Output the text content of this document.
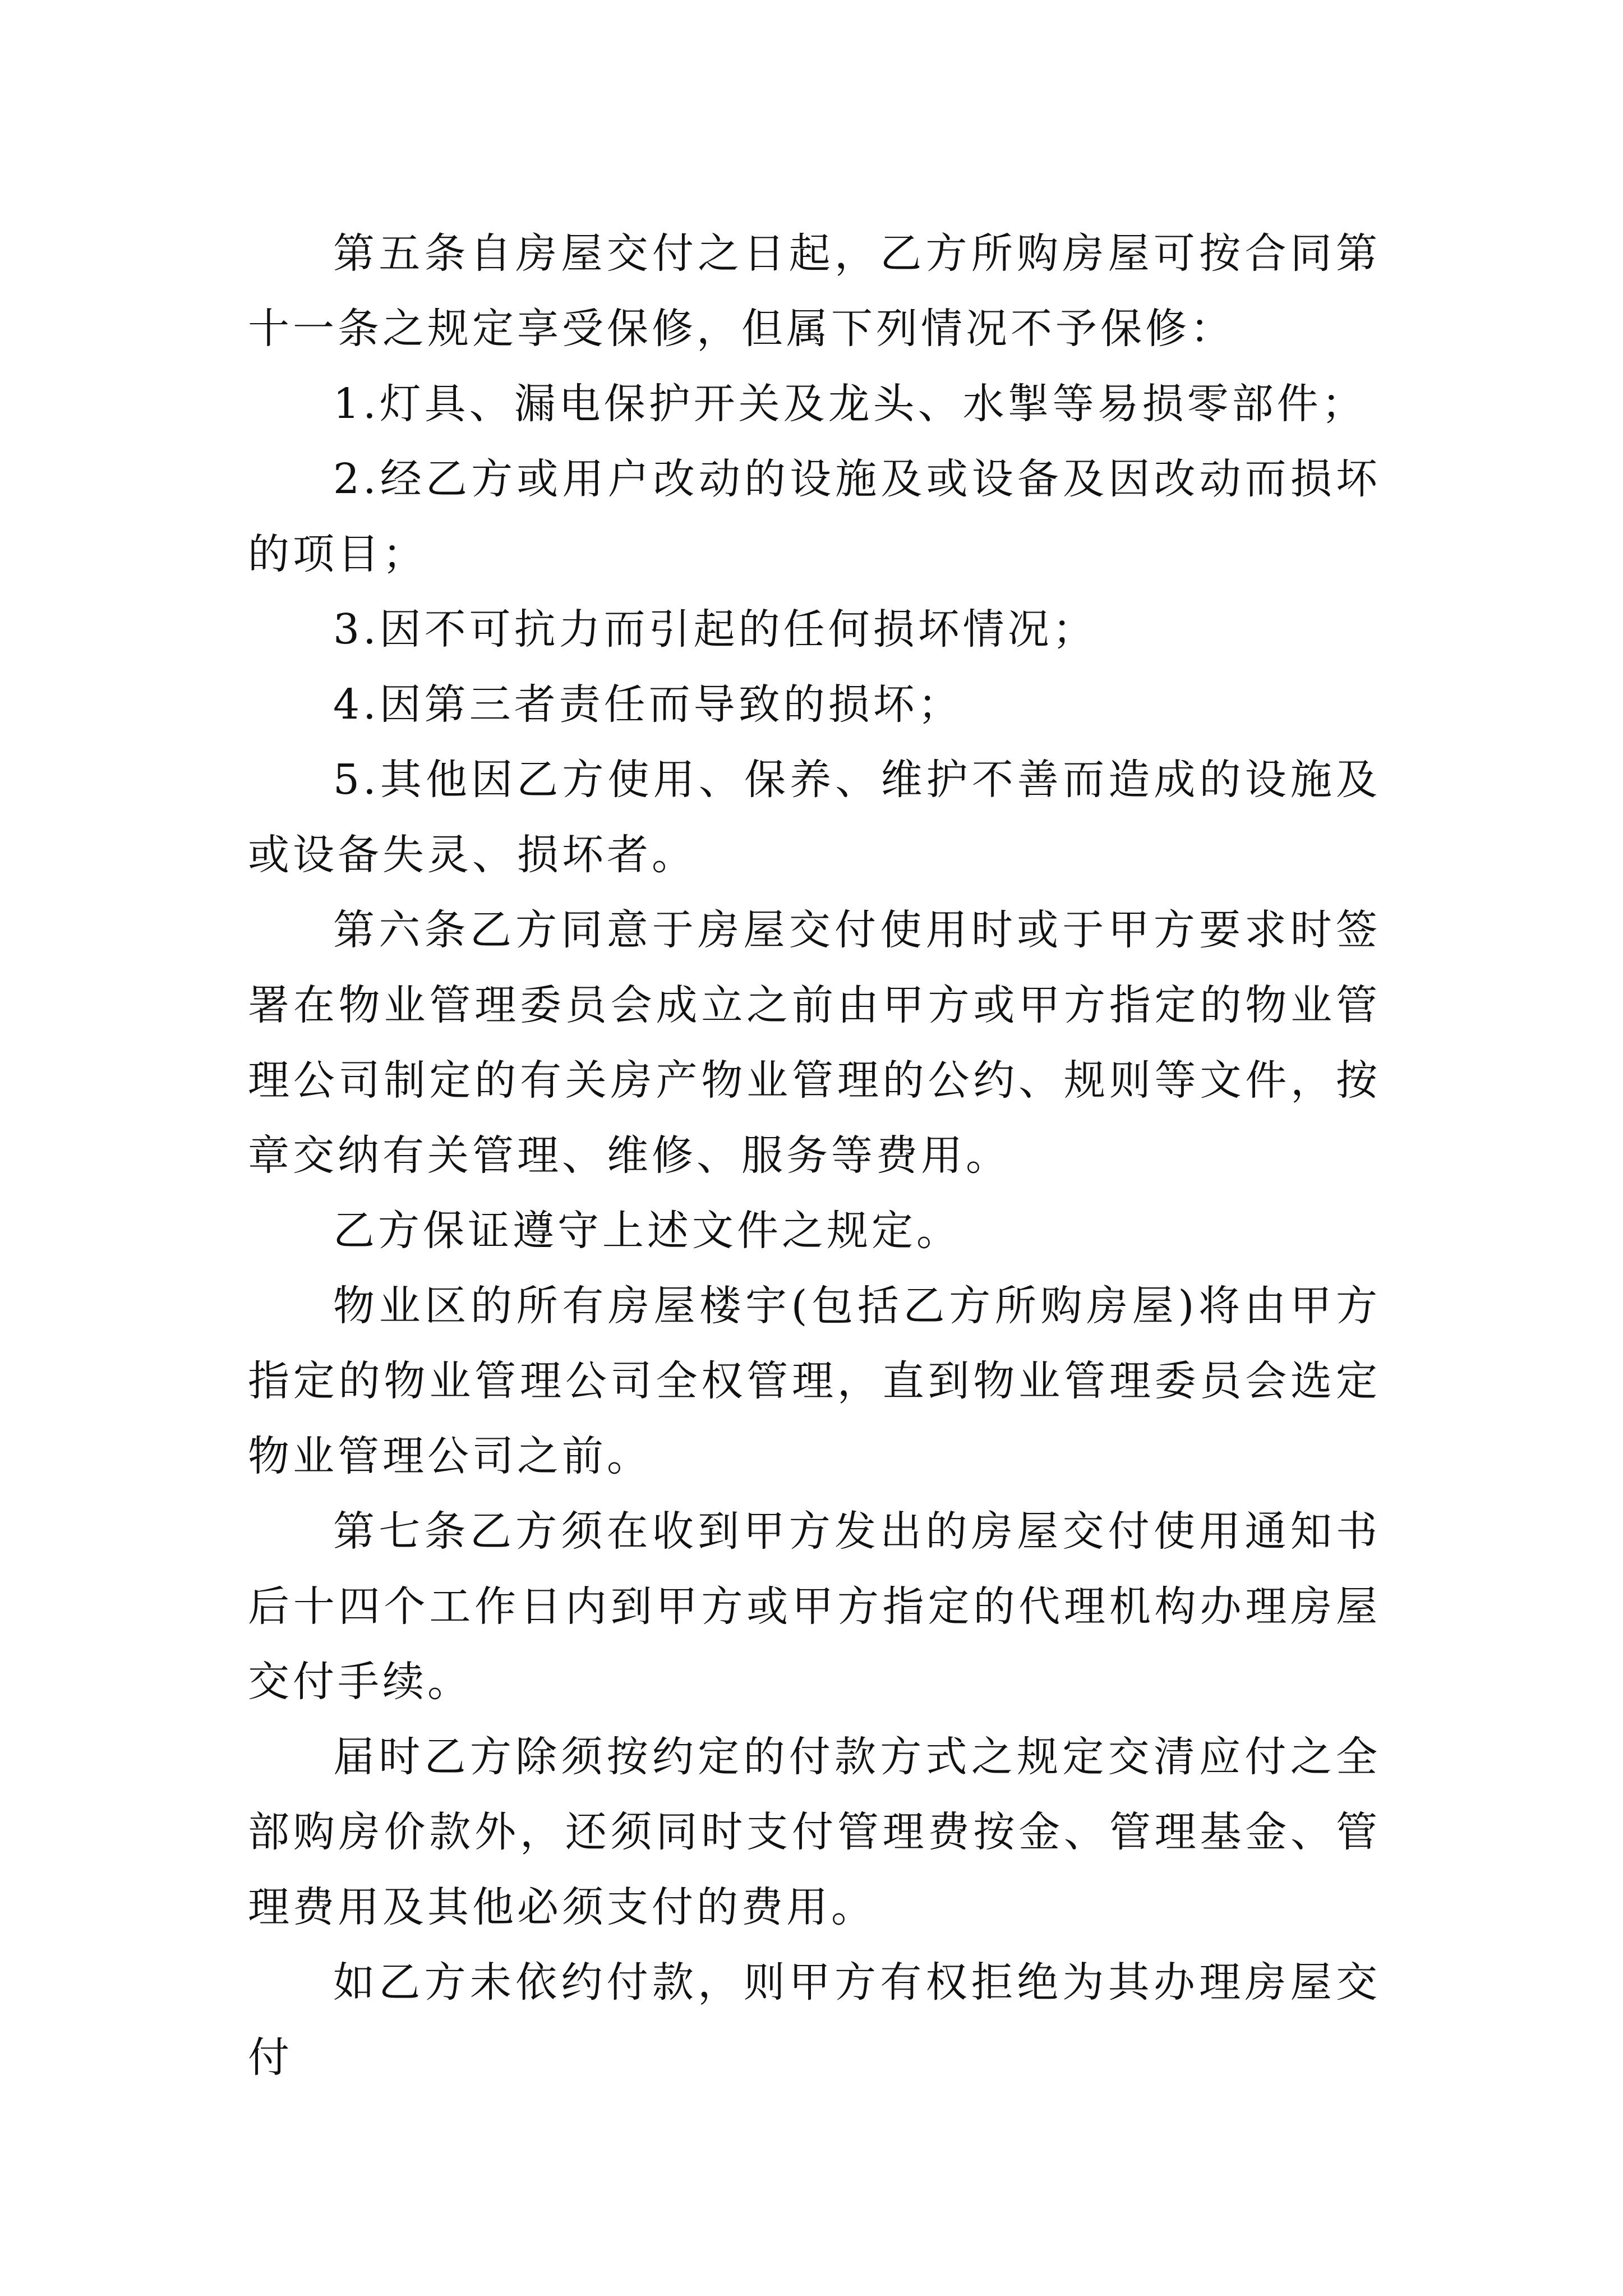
第五条自房屋交付之日起，乙方所购房屋可按合同第十一条之规定享受保修，但属下列情况不予保修：

1.灯具、漏电保护开关及龙头、水掣等易损零部件；

2.经乙方或用户改动的设施及或设备及因改动而损坏的项目；

3.因不可抗力而引起的任何损坏情况；

4.因第三者责任而导致的损坏；

5.其他因乙方使用、保养、维护不善而造成的设施及或设备失灵、损坏者。

第六条乙方同意于房屋交付使用时或于甲方要求时签署在物业管理委员会成立之前由甲方或甲方指定的物业管理公司制定的有关房产物业管理的公约、规则等文件，按章交纳有关管理、维修、服务等费用。

乙方保证遵守上述文件之规定。

物业区的所有房屋楼宇(包括乙方所购房屋)将由甲方指定的物业管理公司全权管理，直到物业管理委员会选定物业管理公司之前。

第七条乙方须在收到甲方发出的房屋交付使用通知书后十四个工作日内到甲方或甲方指定的代理机构办理房屋交付手续。

届时乙方除须按约定的付款方式之规定交清应付之全部购房价款外，还须同时支付管理费按金、管理基金、管理费用及其他必须支付的费用。

如乙方未依约付款，则甲方有权拒绝为其办理房屋交付
